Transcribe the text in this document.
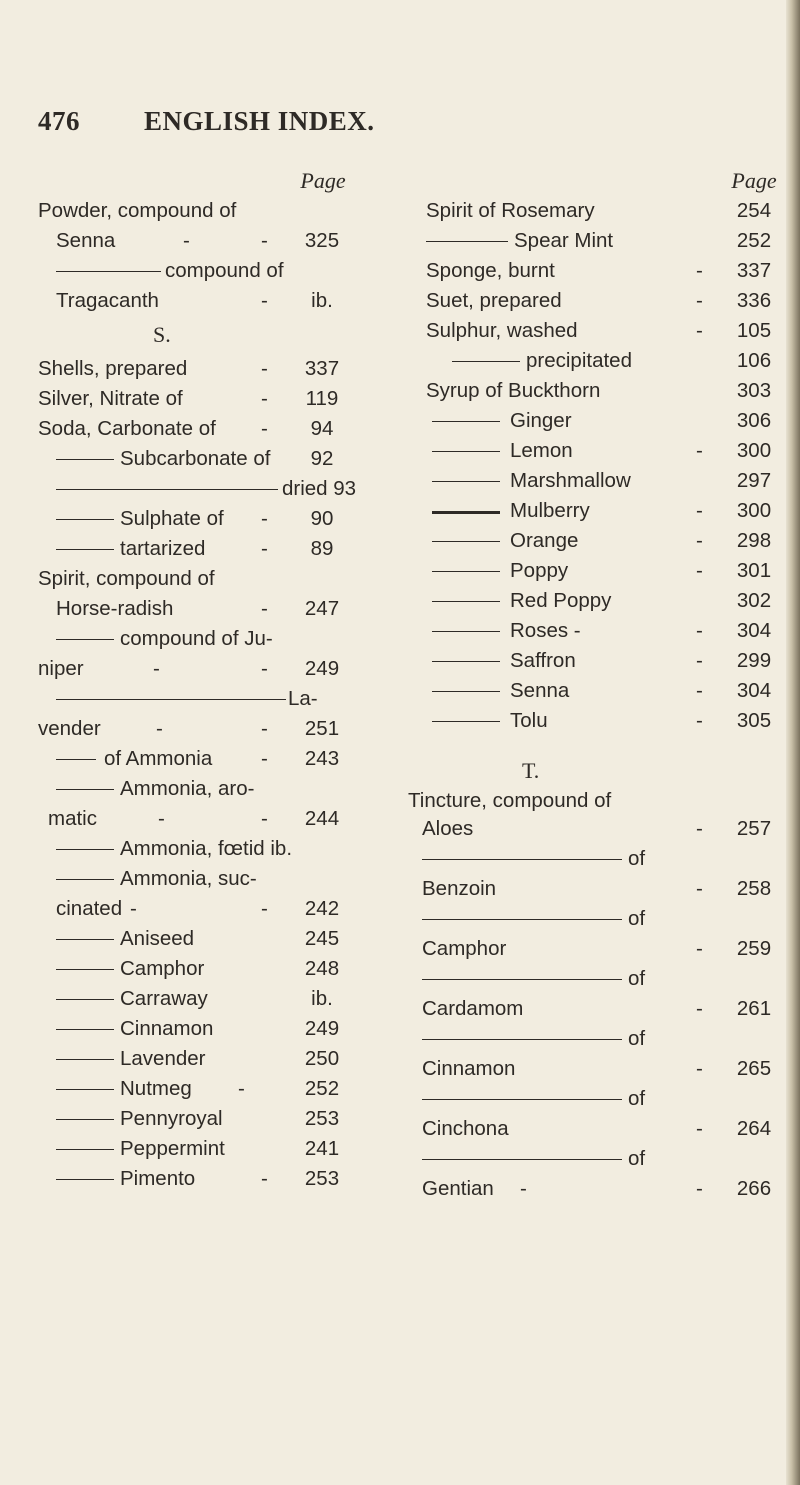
476 ENGLISH INDEX.
Page
Powder, compound of
Senna	-	-	325
compound of
Tragacanth	-	ib.
S.
Shells, prepared	-	337
Silver, Nitrate of	-	119
Soda, Carbonate of -	94
Subcarbonate of	92
dried 93
Sulphate of -	90
tartarized	-	89
Spirit, compound of
Horse-radish	-	247
compound of Ju-
niper	-	-	249
La-
vender	-	-	251
of Ammonia -	243
Ammonia, aro-
matic	-	-	244
Ammonia, fœtid ib.
Ammonia, suc-
cinated -	-	242
Aniseed	245
Camphor	248
Carraway	ib.
Cinnamon	249
Lavender	250
Nutmeg -	252
Pennyroyal	253
Peppermint	241
Pimento	-	253
Page
Spirit of Rosemary	254
Spear Mint	252
Sponge, burnt	-	337
Suet, prepared	-	336
Sulphur, washed	-	105
precipitated	106
Syrup of Buckthorn	303
Ginger	306
Lemon	-	300
Marshmallow	297
Mulberry	-	300
Orange	-	298
Poppy	-	301
Red Poppy	302
Roses -	-	304
Saffron	-	299
Senna	-	304
Tolu	-	305
T.
Tincture, compound of
Aloes	-	257
of
Benzoin	-	258
of
Camphor	-	259
of
Cardamom	-	261
of
Cinnamon	-	265
of
Cinchona	-	264
of
Gentian -	-	266
